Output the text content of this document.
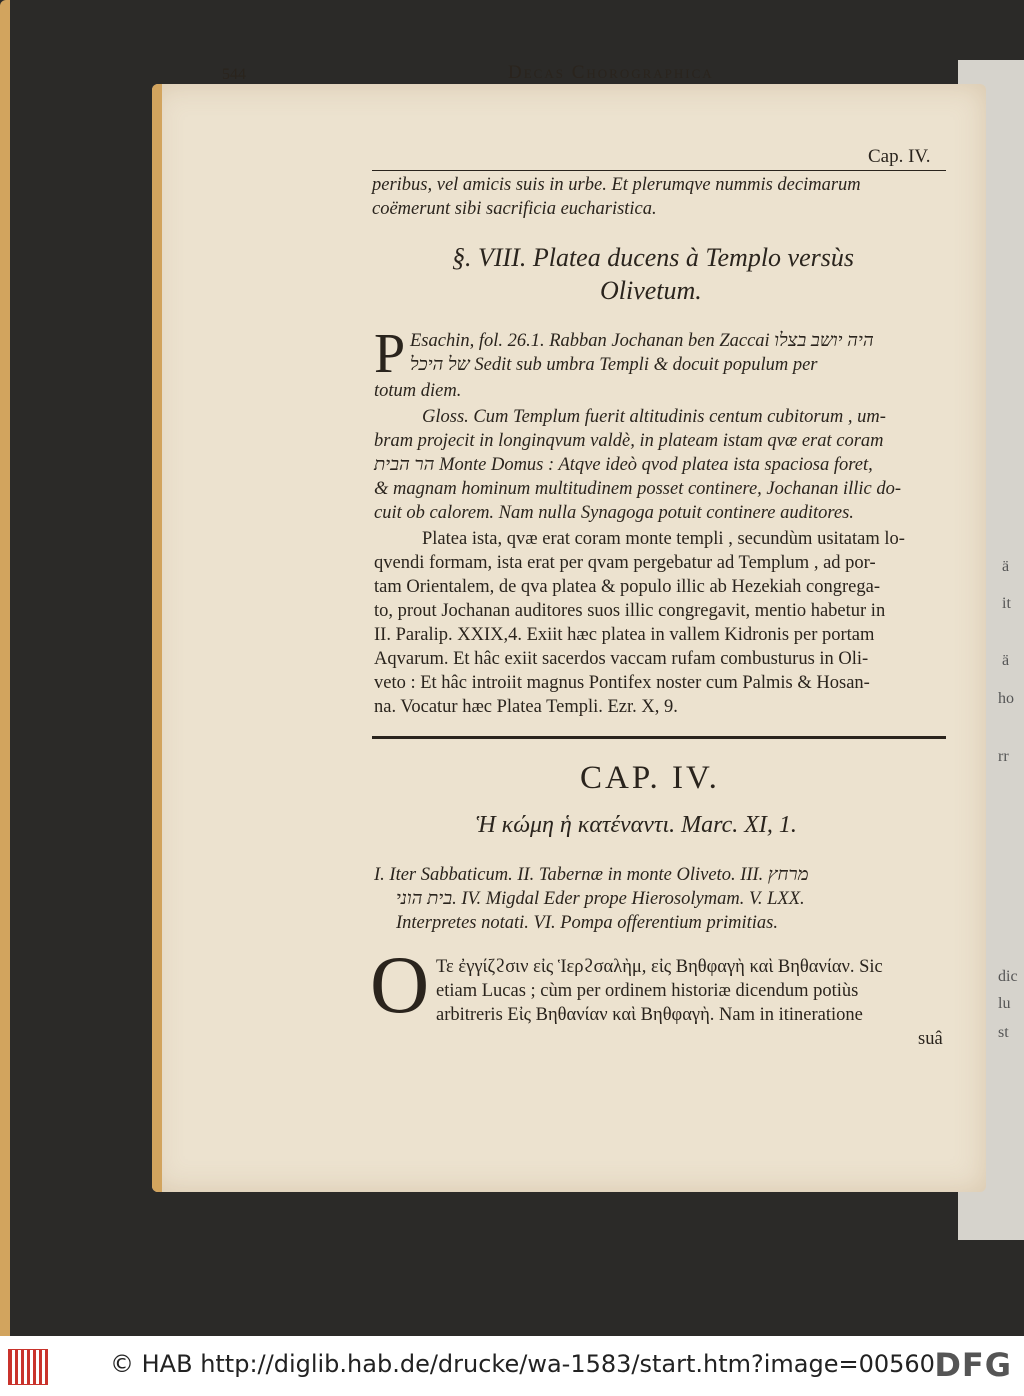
ä
it
ä
ho
rr
dic
lu
st
544	Decas Chorographica
Cap. IV.
peribus, vel amicis suis in urbe. Et plerumqve nummis decimarum
coëmerunt sibi sacrificia eucharistica.
§. VIII. Platea ducens à Templo versùs
Olivetum.
P Esachin, fol. 26.1. Rabban Jochanan ben Zaccai היה יושב בצלו
של היכל Sedit sub umbra Templi & docuit populum per
totum diem.
Gloss. Cum Templum fuerit altitudinis centum cubitorum , um-
bram projecit in longinqvum valdè, in plateam istam qvæ erat coram
הר הבית Monte Domus : Atqve ideò qvod platea ista spaciosa foret,
& magnam hominum multitudinem posset continere, Jochanan illic do-
cuit ob calorem. Nam nulla Synagoga potuit continere auditores.
Platea ista, qvæ erat coram monte templi , secundùm usitatam lo-
qvendi formam, ista erat per qvam pergebatur ad Templum , ad por-
tam Orientalem, de qva platea & populo illic ab Hezekiah congrega-
to, prout Jochanan auditores suos illic congregavit, mentio habetur in
II. Paralip. XXIX,4. Exiit hæc platea in vallem Kidronis per portam
Aqvarum. Et hâc exiit sacerdos vaccam rufam combusturus in Oli-
veto : Et hâc introiit magnus Pontifex noster cum Palmis & Hosan-
na. Vocatur hæc Platea Templi. Ezr. X, 9.
CAP. IV.
Ἡ κώμη ἡ κατέναντι. Marc. XI, 1.
I. Iter Sabbaticum. II. Tabernæ in monte Oliveto. III. מרחץ
בית הוני. IV. Migdal Eder prope Hierosolymam. V. LXX.
Interpretes notati. VI. Pompa offerentium primitias.
O Τε ἐγγίζϩσιν εἰς Ἱερϩσαλὴμ, εἰς Βηθφαγὴ καὶ Βηθανίαν. Sic
etiam Lucas ; cùm per ordinem historiæ dicendum potiùs
arbitreris Εἰς Βηθανίαν καὶ Βηθφαγὴ. Nam in itineratione
suâ
© HAB http://diglib.hab.de/drucke/wa-1583/start.htm?image=00560 DFG
